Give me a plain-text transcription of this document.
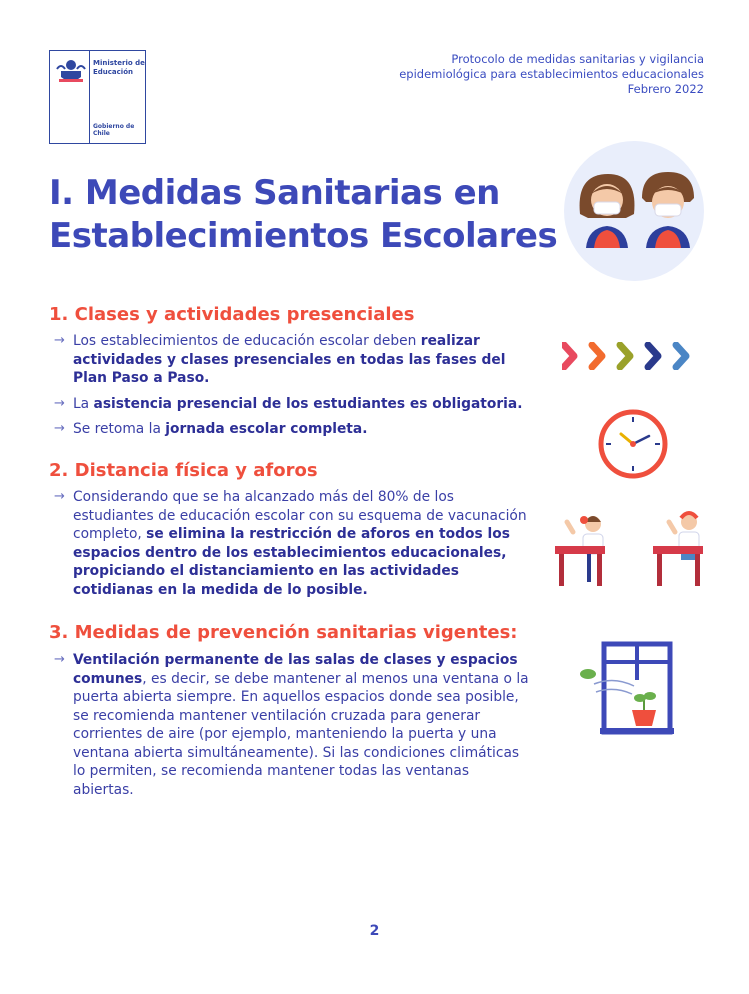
Ministerio de Educación
Gobierno de Chile
Protocolo de medidas sanitarias y vigilancia
epidemiológica para establecimientos educacionales
Febrero 2022
I. Medidas Sanitarias en
Establecimientos Escolares
1. Clases y actividades presenciales
→ Los establecimientos de educación escolar deben realizar actividades y clases presenciales en todas las fases del Plan Paso a Paso.
→ La asistencia presencial de los estudiantes es obligatoria.
→ Se retoma la jornada escolar completa.
2. Distancia física y aforos
→ Considerando que se ha alcanzado más del 80% de los estudiantes de educación escolar con su esquema de vacunación completo, se elimina la restricción de aforos en todos los espacios dentro de los establecimientos educacionales, propiciando el distanciamiento en las actividades cotidianas en la medida de lo posible.
3. Medidas de prevención sanitarias vigentes:
→ Ventilación permanente de las salas de clases y espacios comunes, es decir, se debe mantener al menos una ventana o la puerta abierta siempre. En aquellos espacios donde sea posible, se recomienda mantener ventilación cruzada para generar corrientes de aire (por ejemplo, manteniendo la puerta y una ventana abierta simultáneamente). Si las condiciones climáticas lo permiten, se recomienda mantener todas las ventanas abiertas.
2
